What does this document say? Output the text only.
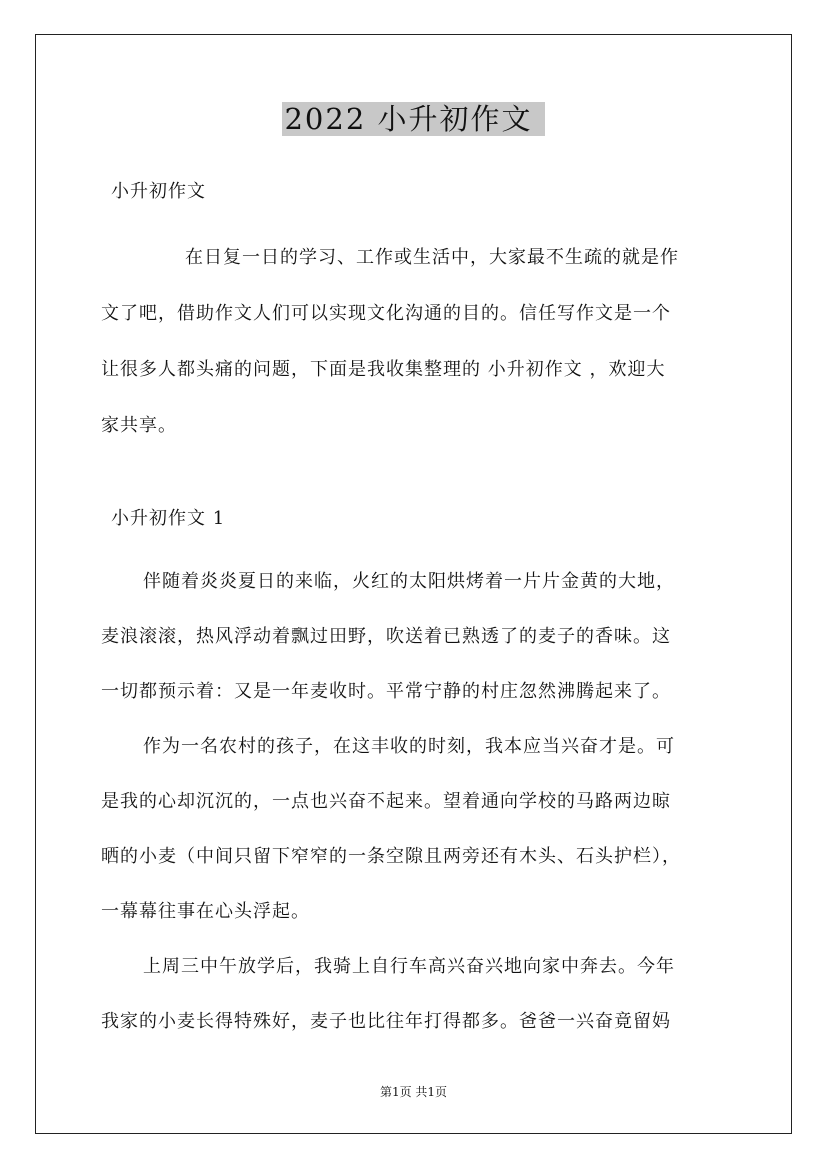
2022 小升初作文
小升初作文
在日复一日的学习、工作或生活中，大家最不生疏的就是作
文了吧，借助作文人们可以实现文化沟通的目的。信任写作文是一个
让很多人都头痛的问题，下面是我收集整理的 小升初作文 ，欢迎大
家共享。
小升初作文 1
伴随着炎炎夏日的来临，火红的太阳烘烤着一片片金黄的大地，
麦浪滚滚，热风浮动着飘过田野，吹送着已熟透了的麦子的香味。这
一切都预示着：又是一年麦收时。平常宁静的村庄忽然沸腾起来了。
作为一名农村的孩子，在这丰收的时刻，我本应当兴奋才是。可
是我的心却沉沉的，一点也兴奋不起来。望着通向学校的马路两边晾
晒的小麦（中间只留下窄窄的一条空隙且两旁还有木头、石头护栏），
一幕幕往事在心头浮起。
上周三中午放学后，我骑上自行车高兴奋兴地向家中奔去。今年
我家的小麦长得特殊好，麦子也比往年打得都多。爸爸一兴奋竟留妈
第1页 共1页
